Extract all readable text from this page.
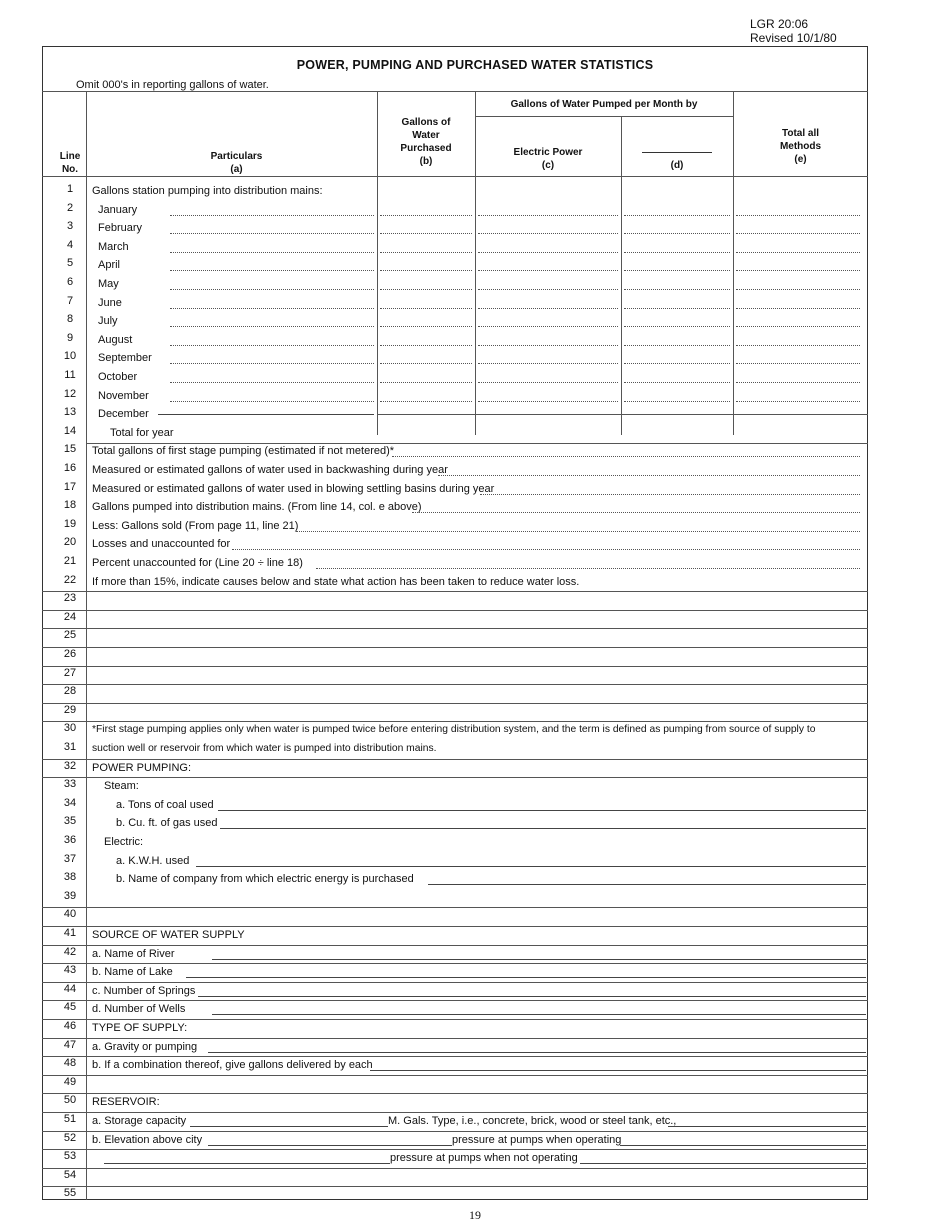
LGR 20:06
Revised 10/1/80
POWER, PUMPING AND PURCHASED WATER STATISTICS
Omit 000's in reporting gallons of water.
Line
No.
Particulars
(a)
Gallons of
Water
Purchased
(b)
Gallons of Water Pumped per Month by
Electric Power
(c)	(d)
Total all
Methods
(e)
1	Gallons station pumping into distribution mains:
2	January
3	February
4	March
5	April
6	May
7	June
8	July
9	August
10	September
11	October
12	November
13	December
14	Total for year
15	Total gallons of first stage pumping (estimated if not metered)*
16	Measured or estimated gallons of water used in backwashing during year
17	Measured or estimated gallons of water used in blowing settling basins during year
18	Gallons pumped into distribution mains. (From line 14, col. e above)
19	Less: Gallons sold (From page 11, line 21)
20	Losses and unaccounted for
21	Percent unaccounted for (Line 20 ÷ line 18)
22	If more than 15%, indicate causes below and state what action has been taken to reduce water loss.
23
24
25
26
27
28
29
30	*First stage pumping applies only when water is pumped twice before entering distribution system, and the term is defined as pumping from source of supply to
31	suction well or reservoir from which water is pumped into distribution mains.
32	POWER PUMPING:
33	Steam:
34	a. Tons of coal used
35	b. Cu. ft. of gas used
36	Electric:
37	a. K.W.H. used
38	b. Name of company from which electric energy is purchased
39
40
41	SOURCE OF WATER SUPPLY
42	a. Name of River
43	b. Name of Lake
44	c. Number of Springs
45	d. Number of Wells
46	TYPE OF SUPPLY:
47	a. Gravity or pumping
48	b. If a combination thereof, give gallons delivered by each
49
50	RESERVOIR:
51	a. Storage capacity	M. Gals. Type, i.e., concrete, brick, wood or steel tank, etc.,
52	b. Elevation above city	pressure at pumps when operating
53	pressure at pumps when not operating
54
55
19
